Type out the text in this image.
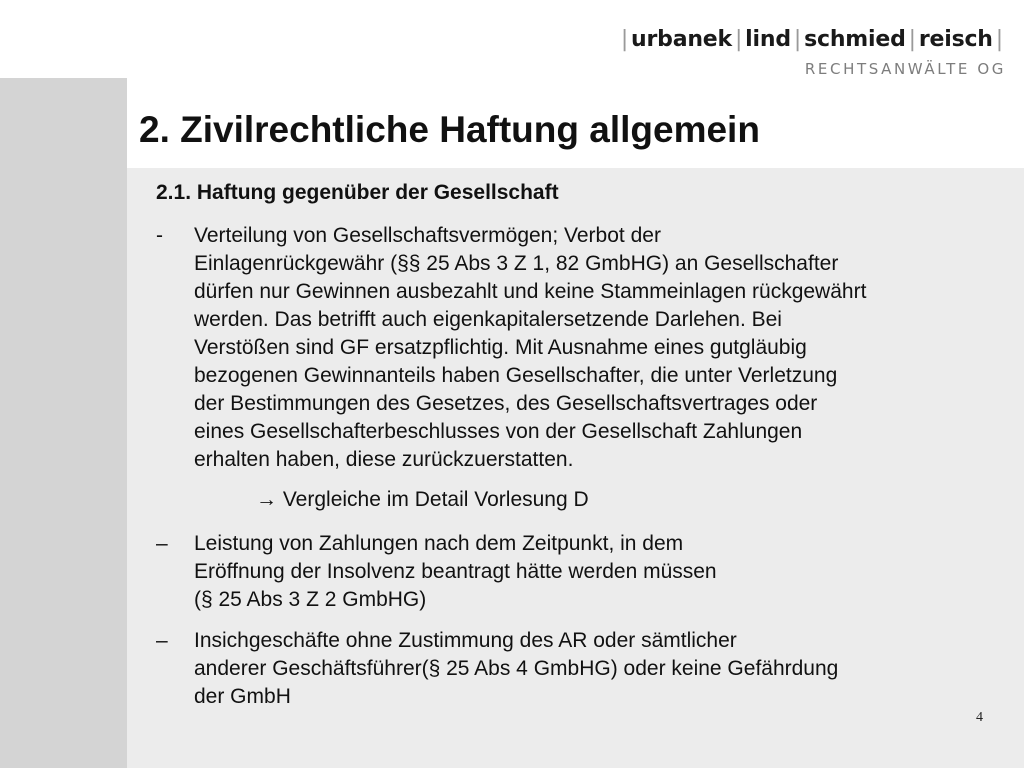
| urbanek | lind | schmied | reisch |
RECHTSANWÄLTE OG
2. Zivilrechtliche Haftung allgemein
2.1. Haftung gegenüber der Gesellschaft
-	Verteilung von Gesellschaftsvermögen; Verbot der
Einlagenrückgewähr (§§ 25 Abs 3 Z 1, 82 GmbHG) an Gesellschafter
dürfen nur Gewinnen ausbezahlt und keine Stammeinlagen rückgewährt
werden. Das betrifft auch eigenkapitalersetzende Darlehen. Bei
Verstößen sind GF ersatzpflichtig. Mit Ausnahme eines gutgläubig
bezogenen Gewinnanteils haben Gesellschafter, die unter Verletzung
der Bestimmungen des Gesetzes, des Gesellschaftsvertrages oder
eines Gesellschafterbeschlusses von der Gesellschaft Zahlungen
erhalten haben, diese zurückzuerstatten.
→ Vergleiche im Detail Vorlesung D
–	Leistung von Zahlungen nach dem Zeitpunkt, in dem
Eröffnung der Insolvenz beantragt hätte werden müssen
(§ 25 Abs 3 Z 2 GmbHG)
–	Insichgeschäfte ohne Zustimmung des AR oder sämtlicher
anderer Geschäftsführer(§ 25 Abs 4 GmbHG) oder keine Gefährdung
der GmbH
4
